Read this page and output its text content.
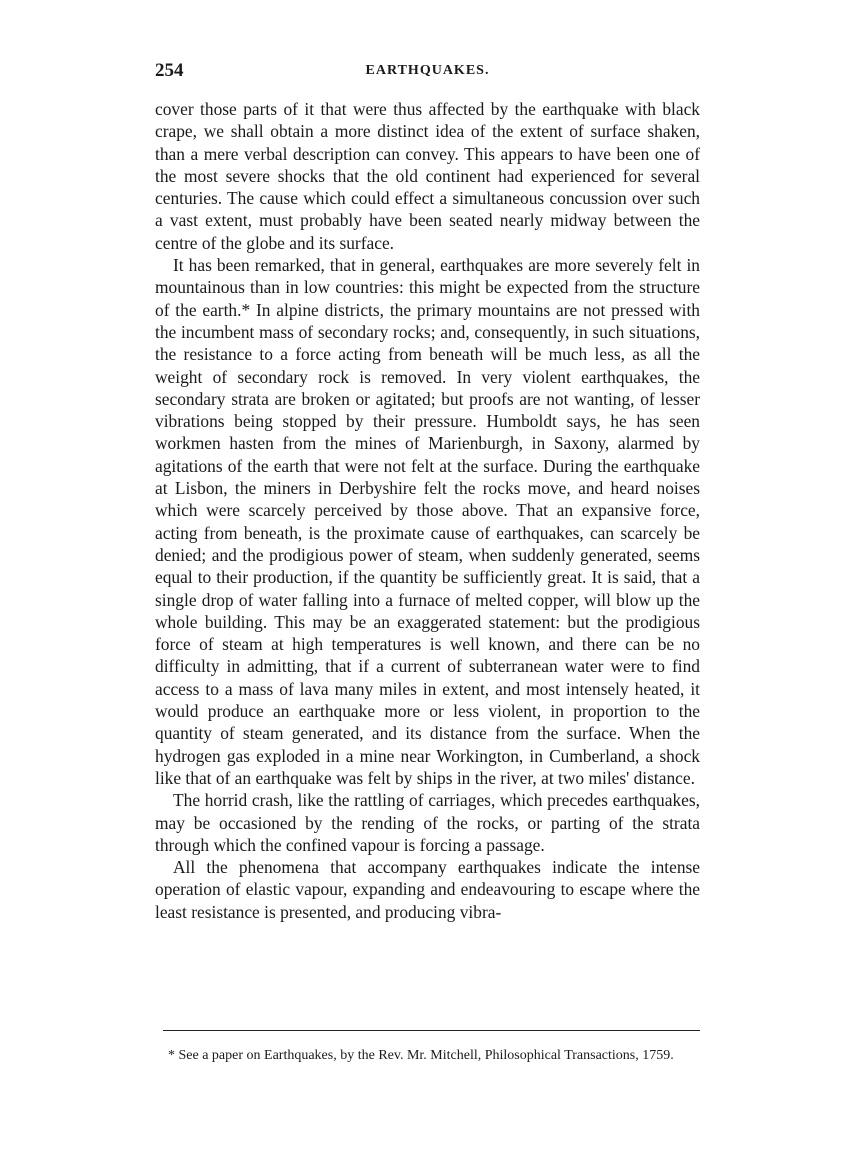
254	EARTHQUAKES.

cover those parts of it that were thus affected by the earthquake with black crape, we shall obtain a more distinct idea of the extent of surface shaken, than a mere verbal description can convey. This appears to have been one of the most severe shocks that the old continent had experienced for several centuries. The cause which could effect a simultaneous concussion over such a vast extent, must probably have been seated nearly midway between the centre of the globe and its surface.

It has been remarked, that in general, earthquakes are more severely felt in mountainous than in low countries: this might be expected from the structure of the earth.* In alpine districts, the primary mountains are not pressed with the incumbent mass of secondary rocks; and, consequently, in such situations, the resistance to a force acting from beneath will be much less, as all the weight of secondary rock is removed. In very violent earthquakes, the secondary strata are broken or agitated; but proofs are not wanting, of lesser vibrations being stopped by their pressure. Humboldt says, he has seen workmen hasten from the mines of Marienburgh, in Saxony, alarmed by agitations of the earth that were not felt at the surface. During the earthquake at Lisbon, the miners in Derbyshire felt the rocks move, and heard noises which were scarcely perceived by those above. That an expansive force, acting from beneath, is the proximate cause of earthquakes, can scarcely be denied; and the prodigious power of steam, when suddenly generated, seems equal to their production, if the quantity be sufficiently great. It is said, that a single drop of water falling into a furnace of melted copper, will blow up the whole building. This may be an exaggerated statement: but the prodigious force of steam at high temperatures is well known, and there can be no difficulty in admitting, that if a current of subterranean water were to find access to a mass of lava many miles in extent, and most intensely heated, it would produce an earthquake more or less violent, in proportion to the quantity of steam generated, and its distance from the surface. When the hydrogen gas exploded in a mine near Workington, in Cumberland, a shock like that of an earthquake was felt by ships in the river, at two miles' distance.

The horrid crash, like the rattling of carriages, which precedes earthquakes, may be occasioned by the rending of the rocks, or parting of the strata through which the confined vapour is forcing a passage.

All the phenomena that accompany earthquakes indicate the intense operation of elastic vapour, expanding and endeavouring to escape where the least resistance is presented, and producing vibra-

* See a paper on Earthquakes, by the Rev. Mr. Mitchell, Philosophical Transactions, 1759.
